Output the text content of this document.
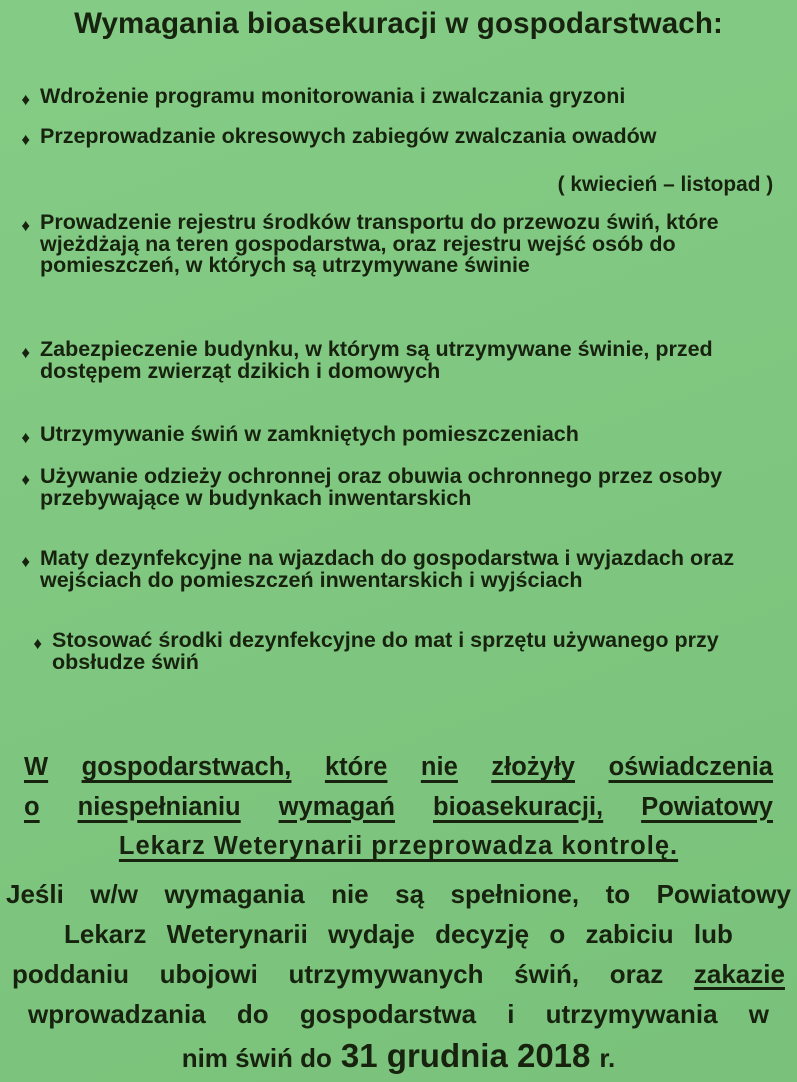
Wymagania bioasekuracji w gospodarstwach:
♦ Wdrożenie programu monitorowania i zwalczania gryzoni
♦ Przeprowadzanie okresowych zabiegów zwalczania owadów
( kwiecień – listopad )
♦ Prowadzenie rejestru środków transportu do przewozu świń, które wjeżdżają na teren gospodarstwa, oraz rejestru wejść osób do pomieszczeń, w których są utrzymywane świnie
♦ Zabezpieczenie budynku, w którym są utrzymywane świnie, przed dostępem zwierząt dzikich i domowych
♦ Utrzymywanie świń w zamkniętych pomieszczeniach
♦ Używanie odzieży ochronnej oraz obuwia ochronnego przez osoby przebywające w budynkach inwentarskich
♦ Maty dezynfekcyjne na wjazdach do gospodarstwa i wyjazdach oraz wejściach do pomieszczeń inwentarskich i wyjściach
♦ Stosować środki dezynfekcyjne do mat i sprzętu używanego przy obsłudze świń
W gospodarstwach, które nie złożyły oświadczenia
o niespełnianiu wymagań bioasekuracji, Powiatowy
Lekarz Weterynarii przeprowadza kontrolę.
Jeśli w/w wymagania nie są spełnione, to Powiatowy
Lekarz Weterynarii wydaje decyzję o zabiciu lub
poddaniu ubojowi utrzymywanych świń, oraz zakazie
wprowadzania do gospodarstwa i utrzymywania w
nim świń do 31 grudnia 2018 r.
